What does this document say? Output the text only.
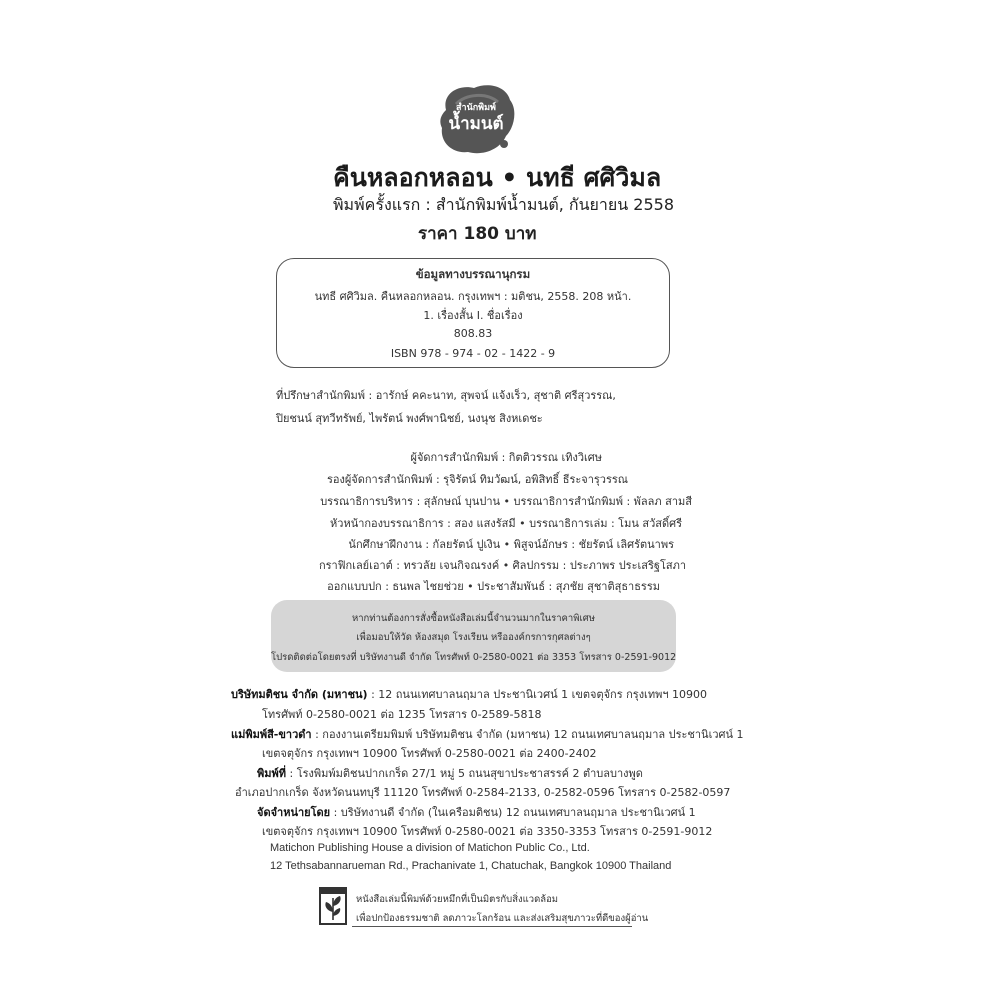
สำนักพิมพ์
น้ำมนต์
คืนหลอกหลอน • นทธี ศศิวิมล
พิมพ์ครั้งแรก : สำนักพิมพ์น้ำมนต์, กันยายน 2558
ราคา 180 บาท
ข้อมูลทางบรรณานุกรม
นทธี ศศิวิมล. คืนหลอกหลอน. กรุงเทพฯ : มติชน, 2558. 208 หน้า.
1. เรื่องสั้น I. ชื่อเรื่อง
808.83
ISBN 978 - 974 - 02 - 1422 - 9
ที่ปรึกษาสำนักพิมพ์ : อารักษ์ คคะนาท, สุพจน์ แจ้งเร็ว, สุชาติ ศรีสุวรรณ,
ปิยชนน์ สุทวีทรัพย์, ไพรัตน์ พงศ์พานิชย์, นงนุช สิงหเดชะ
ผู้จัดการสำนักพิมพ์ : กิตติวรรณ เทิงวิเศษ
รองผู้จัดการสำนักพิมพ์ : รุจิรัตน์ ทิมวัฒน์, อพิสิทธิ์ ธีระจารุวรรณ
บรรณาธิการบริหาร : สุลักษณ์ บุนปาน • บรรณาธิการสำนักพิมพ์ : พัลลภ สามสี
หัวหน้ากองบรรณาธิการ : สอง แสงรัสมี • บรรณาธิการเล่ม : โมน สวัสดิ์ศรี
นักศึกษาฝึกงาน : กัลยรัตน์ ปูเงิน • พิสูจน์อักษร : ชัยรัตน์ เลิศรัตนาพร
กราฟิกเลย์เอาต์ : ทรวลัย เจนกิจณรงค์ • ศิลปกรรม : ประภาพร ประเสริฐโสภา
ออกแบบปก : ธนพล ไชยช่วย • ประชาสัมพันธ์ : สุภชัย สุชาติสุธาธรรม
หากท่านต้องการสั่งซื้อหนังสือเล่มนี้จำนวนมากในราคาพิเศษ
เพื่อมอบให้วัด ห้องสมุด โรงเรียน หรือองค์กรการกุศลต่างๆ
โปรดติดต่อโดยตรงที่ บริษัทงานดี จำกัด โทรศัพท์ 0-2580-0021 ต่อ 3353 โทรสาร 0-2591-9012
บริษัทมติชน จำกัด (มหาชน) : 12 ถนนเทศบาลนฤมาล ประชานิเวศน์ 1 เขตจตุจักร กรุงเทพฯ 10900
โทรศัพท์ 0-2580-0021 ต่อ 1235 โทรสาร 0-2589-5818
แม่พิมพ์สี-ขาวดำ : กองงานเตรียมพิมพ์ บริษัทมติชน จำกัด (มหาชน) 12 ถนนเทศบาลนฤมาล ประชานิเวศน์ 1
เขตจตุจักร กรุงเทพฯ 10900 โทรศัพท์ 0-2580-0021 ต่อ 2400-2402
พิมพ์ที่ : โรงพิมพ์มติชนปากเกร็ด 27/1 หมู่ 5 ถนนสุขาประชาสรรค์ 2 ตำบลบางพูด
อำเภอปากเกร็ด จังหวัดนนทบุรี 11120 โทรศัพท์ 0-2584-2133, 0-2582-0596 โทรสาร 0-2582-0597
จัดจำหน่ายโดย : บริษัทงานดี จำกัด (ในเครือมติชน) 12 ถนนเทศบาลนฤมาล ประชานิเวศน์ 1
เขตจตุจักร กรุงเทพฯ 10900 โทรศัพท์ 0-2580-0021 ต่อ 3350-3353 โทรสาร 0-2591-9012
Matichon Publishing House a division of Matichon Public Co., Ltd.
12 Tethsabannarueman Rd., Prachanivate 1, Chatuchak, Bangkok 10900 Thailand
หนังสือเล่มนี้พิมพ์ด้วยหมึกที่เป็นมิตรกับสิ่งแวดล้อม
เพื่อปกป้องธรรมชาติ ลดภาวะโลกร้อน และส่งเสริมสุขภาวะที่ดีของผู้อ่าน
